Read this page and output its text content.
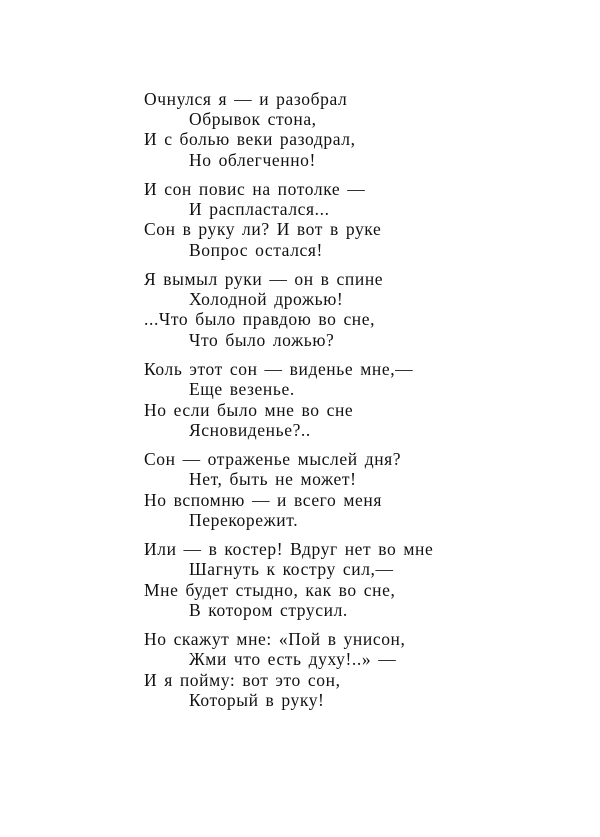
Очнулся я — и разобрал
Обрывок стона,
И с болью веки разодрал,
Но облегченно!
И сон повис на потолке —
И распластался...
Сон в руку ли? И вот в руке
Вопрос остался!
Я вымыл руки — он в спине
Холодной дрожью!
...Что было правдою во сне,
Что было ложью?
Коль этот сон — виденье мне,—
Еще везенье.
Но если было мне во сне
Ясновиденье?..
Сон — отраженье мыслей дня?
Нет, быть не может!
Но вспомню — и всего меня
Перекорежит.
Или — в костер! Вдруг нет во мне
Шагнуть к костру сил,—
Мне будет стыдно, как во сне,
В котором струсил.
Но скажут мне: «Пой в унисон,
Жми что есть духу!..» —
И я пойму: вот это сон,
Который в руку!
